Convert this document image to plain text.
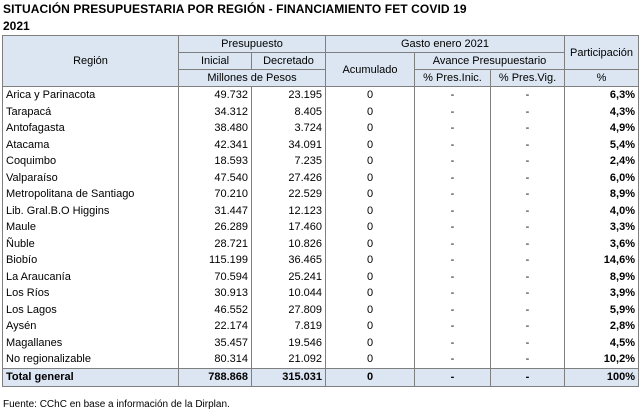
SITUACIÓN PRESUPUESTARIA POR REGIÓN - FINANCIAMIENTO FET COVID 19
2021
Región	Presupuesto		Gasto enero 2021			Participación
	Inicial	Decretado	Acumulado	Avance Presupuestario		
	Millones de Pesos			% Pres.Inic.	% Pres.Vig.	%
Arica y Parinacota	49.732	23.195	0	-	-	6,3%
Tarapacá	34.312	8.405	0	-	-	4,3%
Antofagasta	38.480	3.724	0	-	-	4,9%
Atacama	42.341	34.091	0	-	-	5,4%
Coquimbo	18.593	7.235	0	-	-	2,4%
Valparaíso	47.540	27.426	0	-	-	6,0%
Metropolitana de Santiago	70.210	22.529	0	-	-	8,9%
Lib. Gral.B.O Higgins	31.447	12.123	0	-	-	4,0%
Maule	26.289	17.460	0	-	-	3,3%
Ñuble	28.721	10.826	0	-	-	3,6%
Biobío	115.199	36.465	0	-	-	14,6%
La Araucanía	70.594	25.241	0	-	-	8,9%
Los Ríos	30.913	10.044	0	-	-	3,9%
Los Lagos	46.552	27.809	0	-	-	5,9%
Aysén	22.174	7.819	0	-	-	2,8%
Magallanes	35.457	19.546	0	-	-	4,5%
No regionalizable	80.314	21.092	0	-	-	10,2%
Total general	788.868	315.031	0	-	-	100%
Fuente: CChC en base a información de la Dirplan.
